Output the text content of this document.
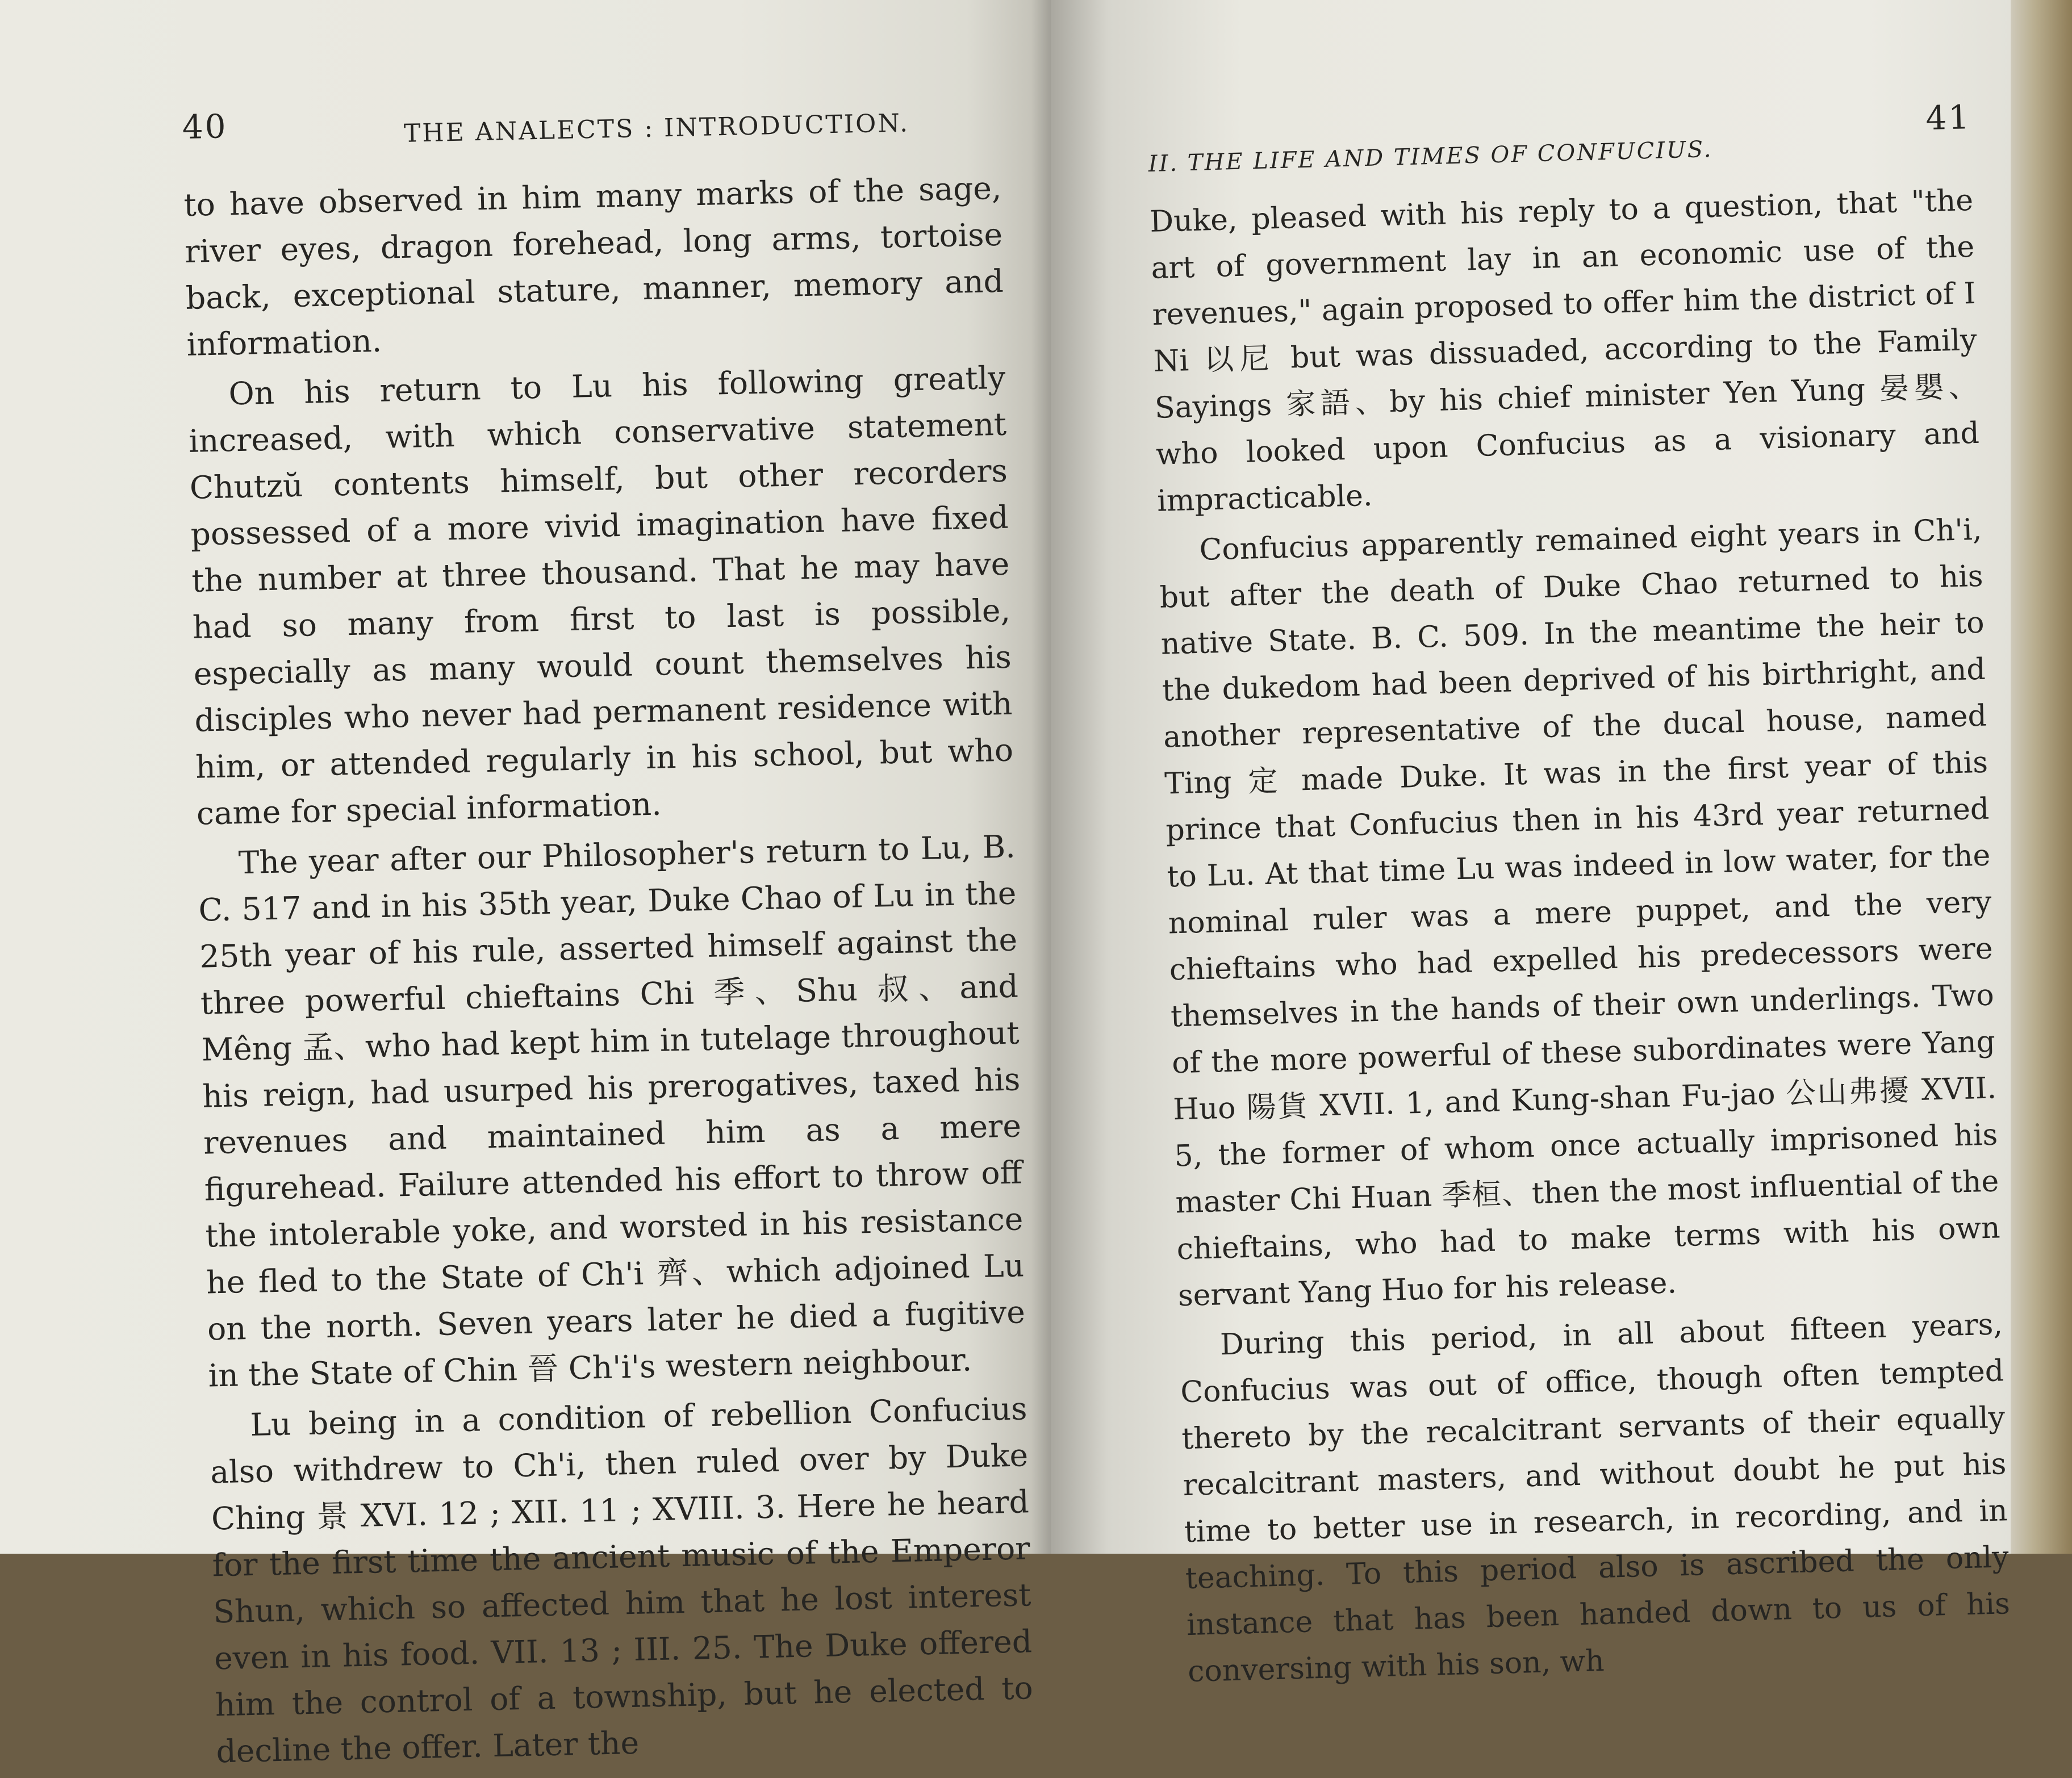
40	THE ANALECTS : INTRODUCTION.

to have observed in him many marks of the sage, river eyes, dragon forehead, long arms, tortoise back, exceptional stature, manner, memory and information.

On his return to Lu his following greatly increased, with which conservative statement Chutzŭ contents himself, but other recorders possessed of a more vivid imagination have fixed the number at three thousand. That he may have had so many from first to last is possible, especially as many would count themselves his disciples who never had permanent residence with him, or attended regularly in his school, but who came for special information.

The year after our Philosopher's return to Lu, B. C. 517 and in his 35th year, Duke Chao of Lu in the 25th year of his rule, asserted himself against the three powerful chieftains Chi 季、Shu 叔、and Mêng 孟、who had kept him in tutelage throughout his reign, had usurped his prerogatives, taxed his revenues and maintained him as a mere figurehead. Failure attended his effort to throw off the intolerable yoke, and worsted in his resistance he fled to the State of Ch'i 齊、which adjoined Lu on the north. Seven years later he died a fugitive in the State of Chin 晉 Ch'i's western neighbour.

Lu being in a condition of rebellion Confucius also withdrew to Ch'i, then ruled over by Duke Ching 景 XVI. 12 ; XII. 11 ; XVIII. 3. Here he heard for the first time the ancient music of the Emperor Shun, which so affected him that he lost interest even in his food. VII. 13 ; III. 25. The Duke offered him the control of a township, but he elected to decline the offer. Later the

II. THE LIFE AND TIMES OF CONFUCIUS.
41

Duke, pleased with his reply to a question, that "the art of government lay in an economic use of the revenues," again proposed to offer him the district of I Ni 以尼 but was dissuaded, according to the Family Sayings 家語、by his chief minister Yen Yung 晏嬰、who looked upon Confucius as a visionary and impracticable.

Confucius apparently remained eight years in Ch'i, but after the death of Duke Chao returned to his native State. B. C. 509. In the meantime the heir to the dukedom had been deprived of his birthright, and another representative of the ducal house, named Ting 定 made Duke. It was in the first year of this prince that Confucius then in his 43rd year returned to Lu. At that time Lu was indeed in low water, for the nominal ruler was a mere puppet, and the very chieftains who had expelled his predecessors were themselves in the hands of their own underlings. Two of the more powerful of these subordinates were Yang Huo 陽貨 XVII. 1, and Kung-shan Fu-jao 公山弗擾 XVII. 5, the former of whom once actually imprisoned his master Chi Huan 季桓、then the most influential of the chieftains, who had to make terms with his own servant Yang Huo for his release.

During this period, in all about fifteen years, Confucius was out of office, though often tempted thereto by the recalcitrant servants of their equally recalcitrant masters, and without doubt he put his time to better use in research, in recording, and in teaching. To this period also is ascribed the only instance that has been handed down to us of his conversing with his son, wh
